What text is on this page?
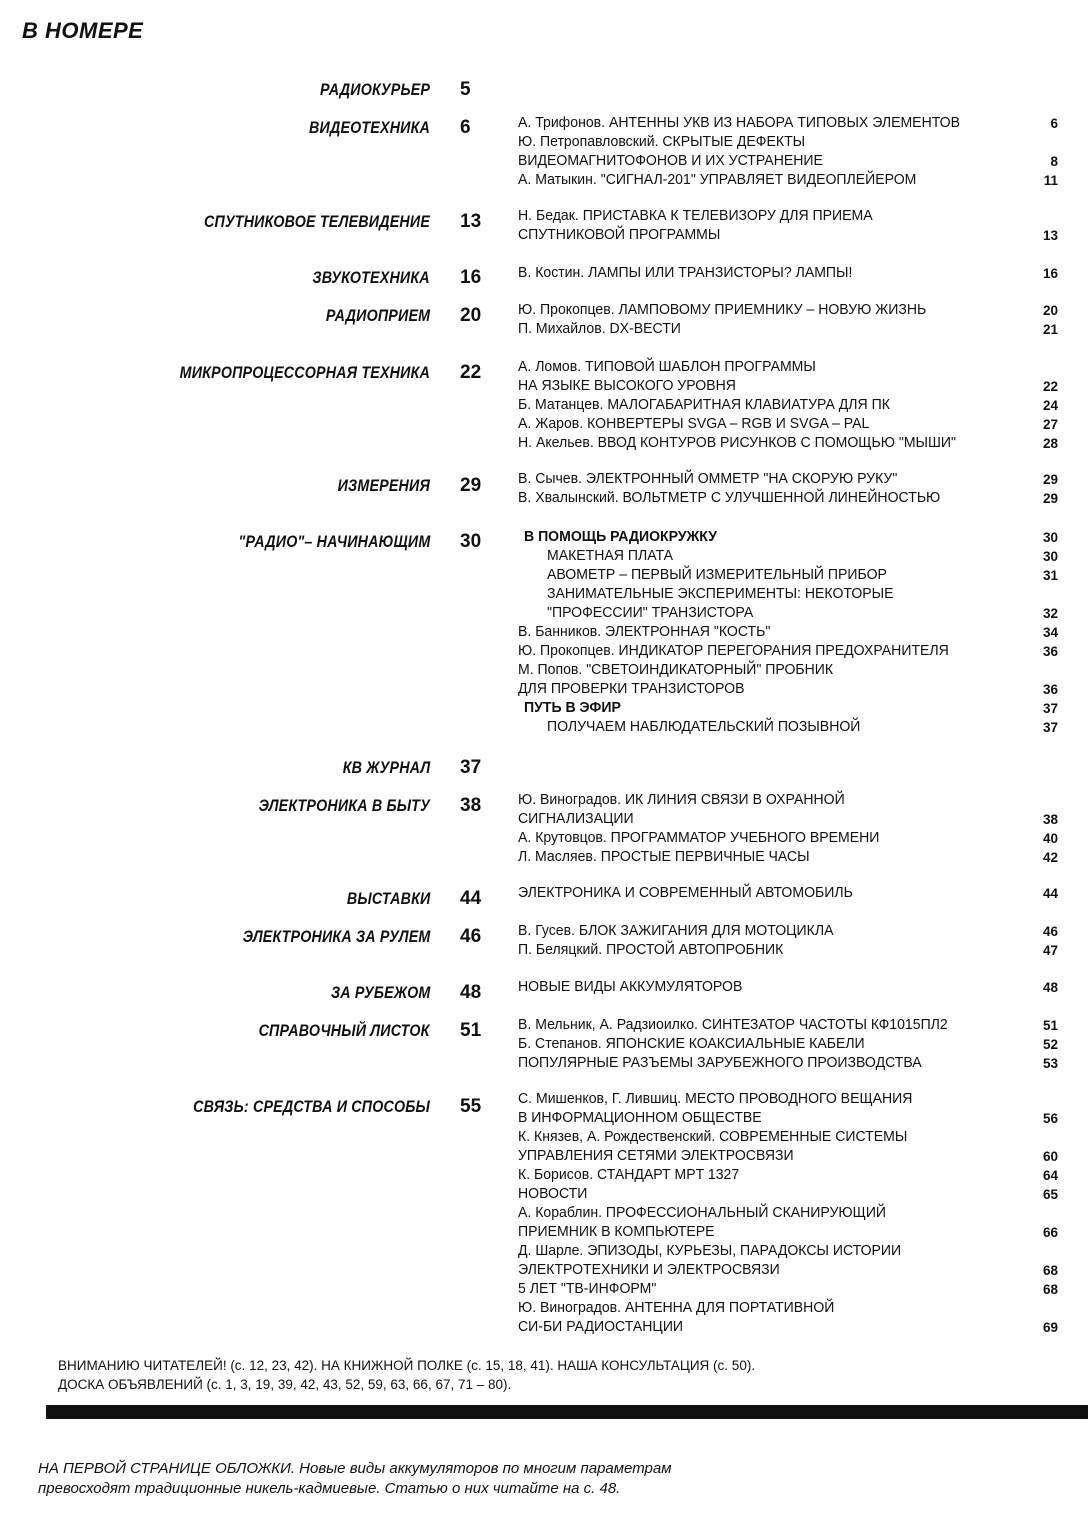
В НОМЕРЕ
РАДИОКУРЬЕР 5
ВИДЕОТЕХНИКА 6	А. Трифонов. АНТЕННЫ УКВ ИЗ НАБОРА ТИПОВЫХ ЭЛЕМЕНТОВ	6
Ю. Петропавловский. СКРЫТЫЕ ДЕФЕКТЫ
ВИДЕОМАГНИТОФОНОВ И ИХ УСТРАНЕНИЕ	8
А. Матыкин. "СИГНАЛ-201" УПРАВЛЯЕТ ВИДЕОПЛЕЙЕРОМ	11
СПУТНИКОВОЕ ТЕЛЕВИДЕНИЕ 13	Н. Бедак. ПРИСТАВКА К ТЕЛЕВИЗОРУ ДЛЯ ПРИЕМА
СПУТНИКОВОЙ ПРОГРАММЫ	13
ЗВУКОТЕХНИКА 16	В. Костин. ЛАМПЫ ИЛИ ТРАНЗИСТОРЫ? ЛАМПЫ!	16
РАДИОПРИЕМ 20	Ю. Прокопцев. ЛАМПОВОМУ ПРИЕМНИКУ – НОВУЮ ЖИЗНЬ	20
П. Михайлов. DX-ВЕСТИ	21
МИКРОПРОЦЕССОРНАЯ ТЕХНИКА 22	А. Ломов. ТИПОВОЙ ШАБЛОН ПРОГРАММЫ
НА ЯЗЫКЕ ВЫСОКОГО УРОВНЯ	22
Б. Матанцев. МАЛОГАБАРИТНАЯ КЛАВИАТУРА ДЛЯ ПК	24
А. Жаров. КОНВЕРТЕРЫ SVGA – RGB И SVGA – PAL	27
Н. Акельев. ВВОД КОНТУРОВ РИСУНКОВ С ПОМОЩЬЮ "МЫШИ"	28
ИЗМЕРЕНИЯ 29	В. Сычев. ЭЛЕКТРОННЫЙ ОММЕТР "НА СКОРУЮ РУКУ"	29
В. Хвалынский. ВОЛЬТМЕТР С УЛУЧШЕННОЙ ЛИНЕЙНОСТЬЮ	29
"РАДИО"– НАЧИНАЮЩИМ 30	В ПОМОЩЬ РАДИОКРУЖКУ	30
МАКЕТНАЯ ПЛАТА	30
АВОМЕТР – ПЕРВЫЙ ИЗМЕРИТЕЛЬНЫЙ ПРИБОР	31
ЗАНИМАТЕЛЬНЫЕ ЭКСПЕРИМЕНТЫ: НЕКОТОРЫЕ
"ПРОФЕССИИ" ТРАНЗИСТОРА	32
В. Банников. ЭЛЕКТРОННАЯ "КОСТЬ"	34
Ю. Прокопцев. ИНДИКАТОР ПЕРЕГОРАНИЯ ПРЕДОХРАНИТЕЛЯ	36
М. Попов. "СВЕТОИНДИКАТОРНЫЙ" ПРОБНИК
ДЛЯ ПРОВЕРКИ ТРАНЗИСТОРОВ	36
ПУТЬ В ЭФИР	37
ПОЛУЧАЕМ НАБЛЮДАТЕЛЬСКИЙ ПОЗЫВНОЙ	37
КВ ЖУРНАЛ 37
ЭЛЕКТРОНИКА В БЫТУ 38	Ю. Виноградов. ИК ЛИНИЯ СВЯЗИ В ОХРАННОЙ
СИГНАЛИЗАЦИИ	38
А. Крутовцов. ПРОГРАММАТОР УЧЕБНОГО ВРЕМЕНИ	40
Л. Масляев. ПРОСТЫЕ ПЕРВИЧНЫЕ ЧАСЫ	42
ВЫСТАВКИ 44	ЭЛЕКТРОНИКА И СОВРЕМЕННЫЙ АВТОМОБИЛЬ	44
ЭЛЕКТРОНИКА ЗА РУЛЕМ 46	В. Гусев. БЛОК ЗАЖИГАНИЯ ДЛЯ МОТОЦИКЛА	46
П. Беляцкий. ПРОСТОЙ АВТОПРОБНИК	47
ЗА РУБЕЖОМ 48	НОВЫЕ ВИДЫ АККУМУЛЯТОРОВ	48
СПРАВОЧНЫЙ ЛИСТОК 51	В. Мельник, А. Радзиоилко. СИНТЕЗАТОР ЧАСТОТЫ КФ1015ПЛ2	51
Б. Степанов. ЯПОНСКИЕ КОАКСИАЛЬНЫЕ КАБЕЛИ	52
ПОПУЛЯРНЫЕ РАЗЪЕМЫ ЗАРУБЕЖНОГО ПРОИЗВОДСТВА	53
СВЯЗЬ: СРЕДСТВА И СПОСОБЫ 55	С. Мишенков, Г. Лившиц. МЕСТО ПРОВОДНОГО ВЕЩАНИЯ
В ИНФОРМАЦИОННОМ ОБЩЕСТВЕ	56
К. Князев, А. Рождественский. СОВРЕМЕННЫЕ СИСТЕМЫ
УПРАВЛЕНИЯ СЕТЯМИ ЭЛЕКТРОСВЯЗИ	60
К. Борисов. СТАНДАРТ MPT 1327	64
НОВОСТИ	65
А. Кораблин. ПРОФЕССИОНАЛЬНЫЙ СКАНИРУЮЩИЙ
ПРИЕМНИК В КОМПЬЮТЕРЕ	66
Д. Шарле. ЭПИЗОДЫ, КУРЬЕЗЫ, ПАРАДОКСЫ ИСТОРИИ
ЭЛЕКТРОТЕХНИКИ И ЭЛЕКТРОСВЯЗИ	68
5 ЛЕТ "ТВ-ИНФОРМ"	68
Ю. Виноградов. АНТЕННА ДЛЯ ПОРТАТИВНОЙ
СИ-БИ РАДИОСТАНЦИИ	69
ВНИМАНИЮ ЧИТАТЕЛЕЙ! (с. 12, 23, 42). НА КНИЖНОЙ ПОЛКЕ (с. 15, 18, 41). НАША КОНСУЛЬТАЦИЯ (с. 50).
ДОСКА ОБЪЯВЛЕНИЙ (с. 1, 3, 19, 39, 42, 43, 52, 59, 63, 66, 67, 71 – 80).
НА ПЕРВОЙ СТРАНИЦЕ ОБЛОЖКИ. Новые виды аккумуляторов по многим параметрам
превосходят традиционные никель-кадмиевые. Статью о них читайте на с. 48.
